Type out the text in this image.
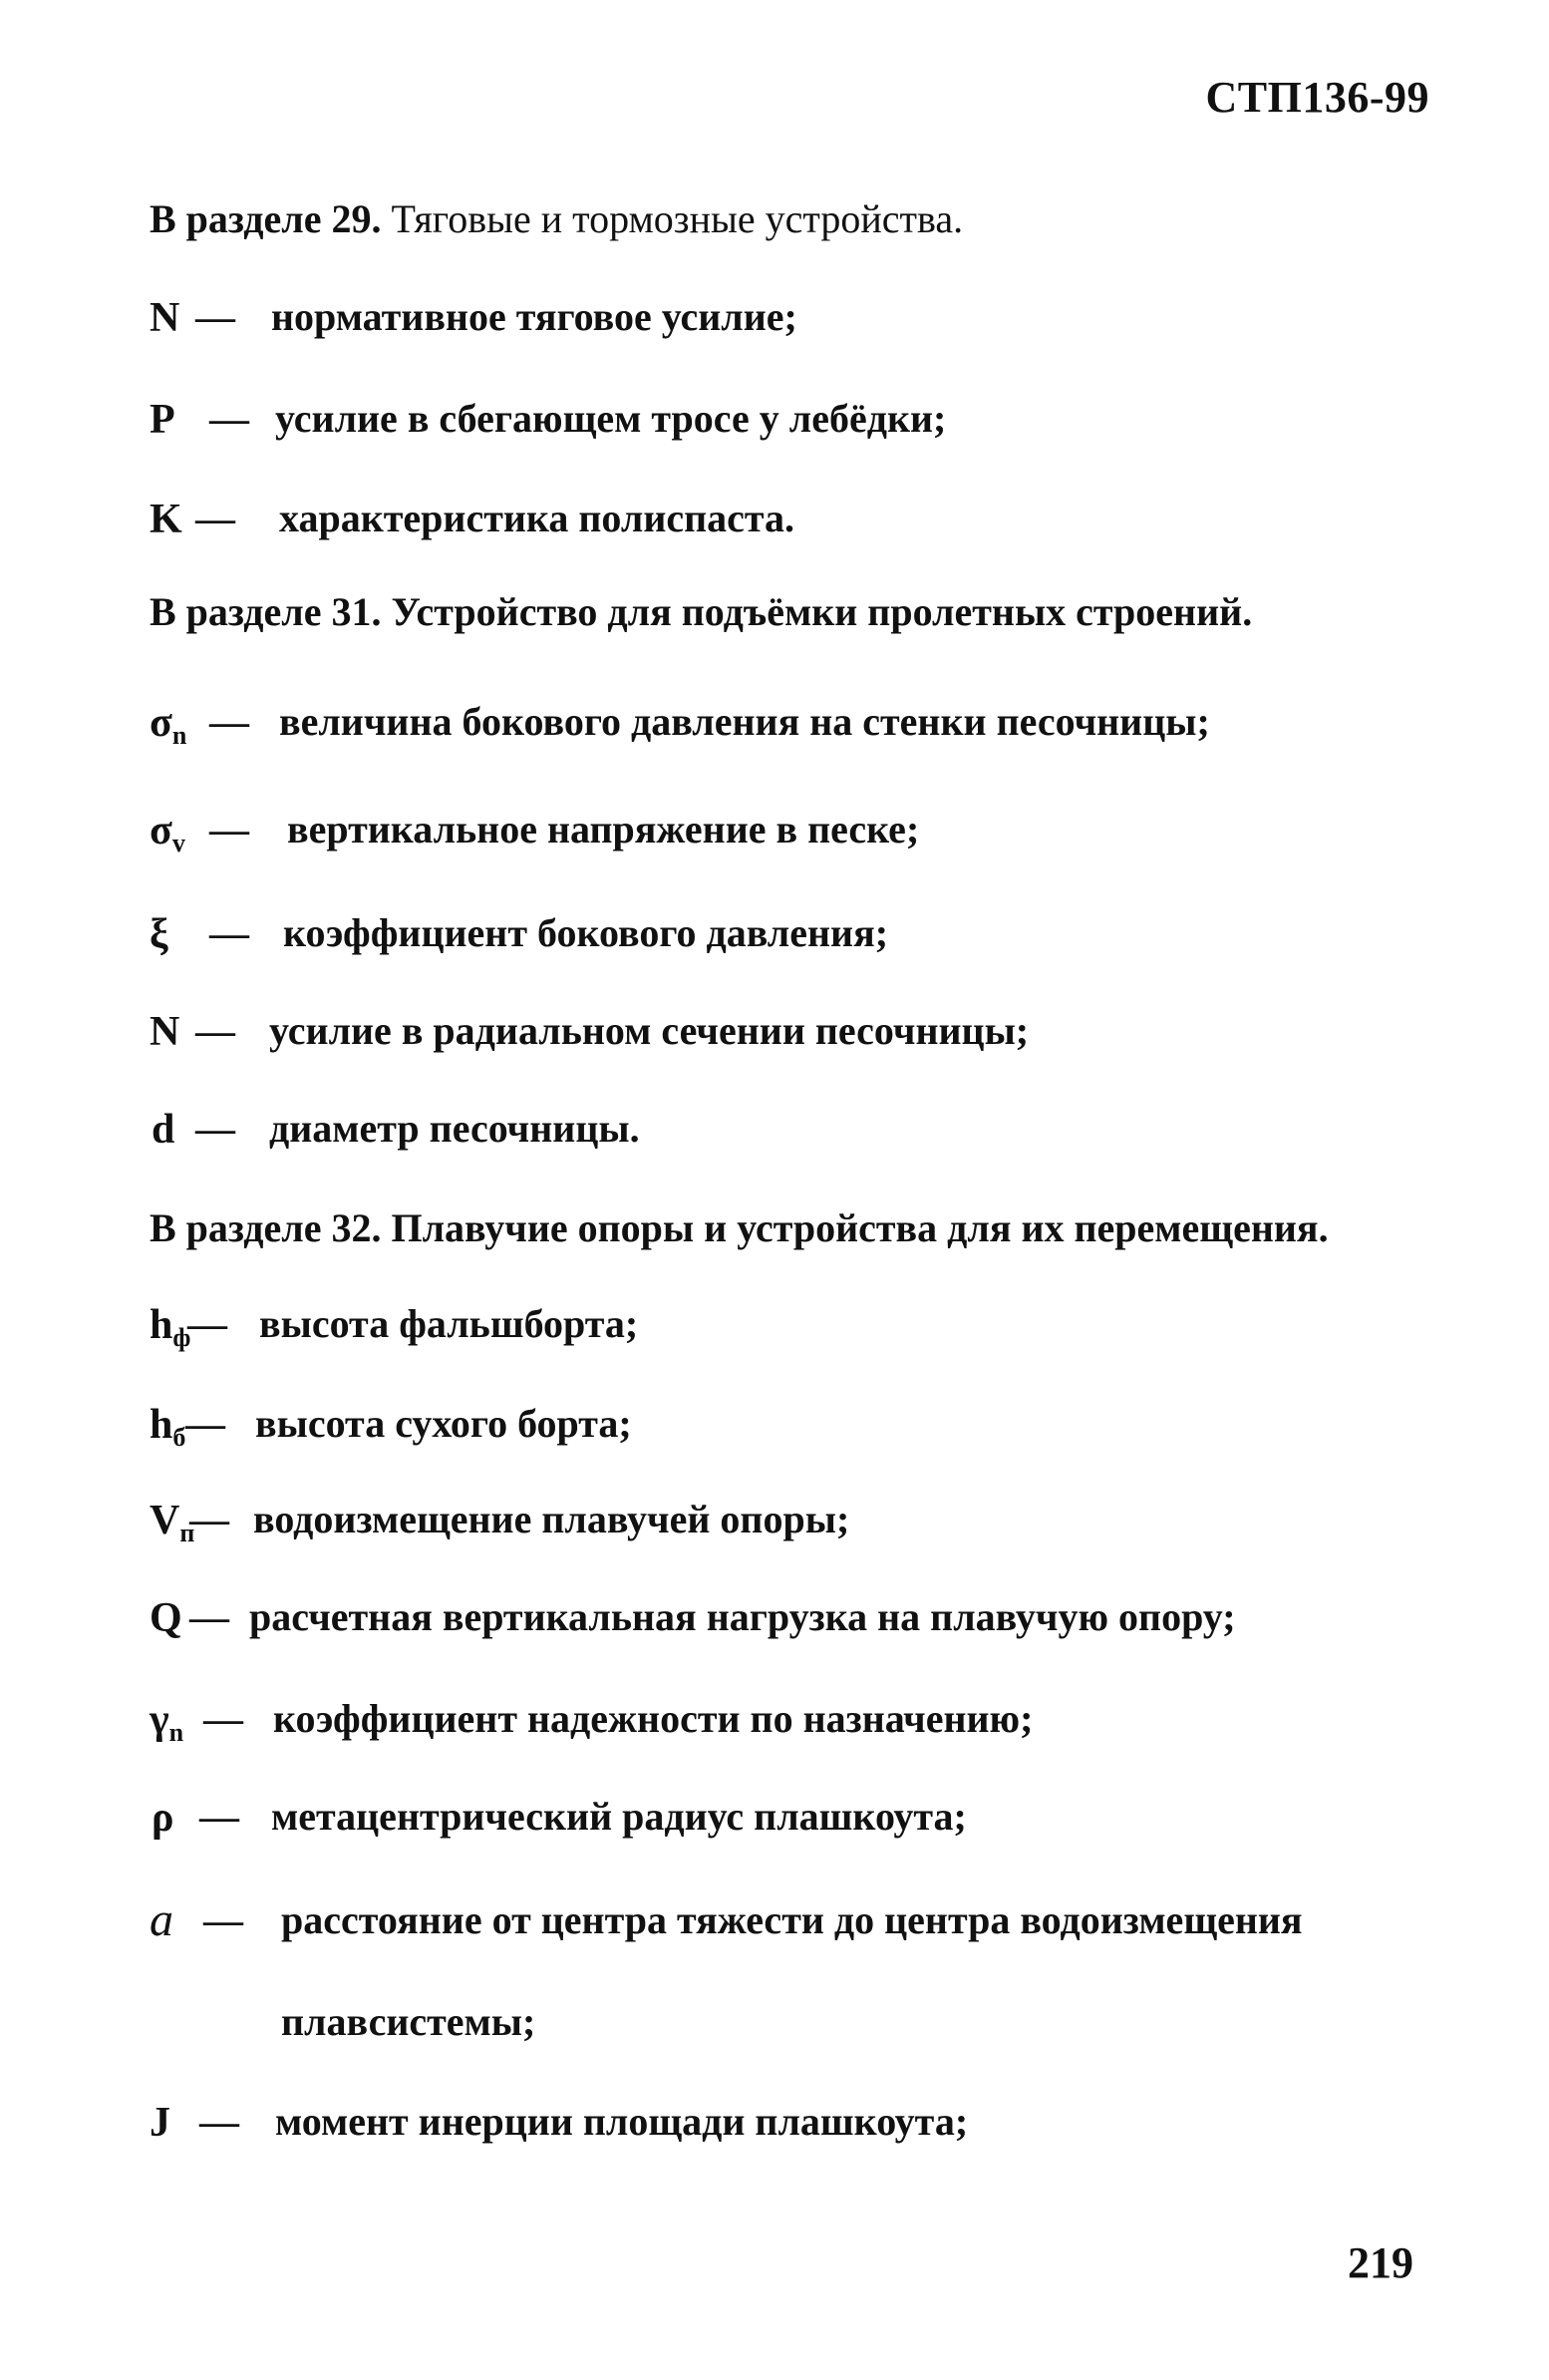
СТП136-99
В разделе 29. Тяговые и тормозные устройства.
N — нормативное тяговое усилие;
P — усилие в сбегающем тросе у лебёдки;
K — характеристика полиспаста.
В разделе 31. Устройство для подъёмки пролетных строений.
$\sigma_n$ — величина бокового давления на стенки песочницы;
$\sigma_v$ — вертикальное напряжение в песке;
ξ — коэффициент бокового давления;
N — усилие в радиальном сечении песочницы;
d — диаметр песочницы.
В разделе 32. Плавучие опоры и устройства для их перемещения.
$h_ф$
— высота фальшборта;
$h_б$ — высота сухого борта;
$V_п$
— водоизмещение плавучей опоры;
Q — расчетная вертикальная нагрузка на плавучую опору;
$\gamma_n$ — коэффициент надежности по назначению;
ρ — метацентрический радиус плашкоута;
a — расстояние от центра тяжести до центра водоизмещения
плавсистемы;
J — момент инерции площади плашкоута;
219
